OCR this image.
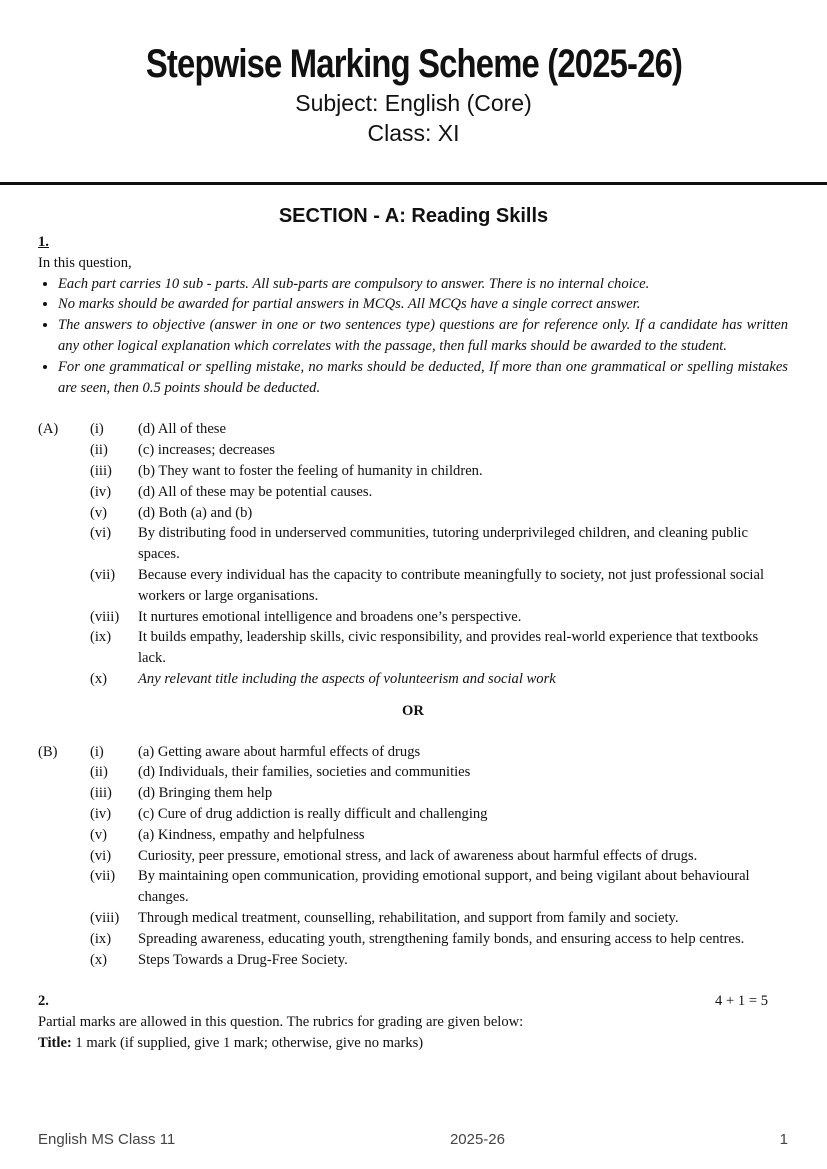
Stepwise Marking Scheme (2025-26)
Subject: English (Core)
Class: XI
SECTION - A: Reading Skills
1.
In this question,
• Each part carries 10 sub - parts. All sub-parts are compulsory to answer. There is no internal choice.
• No marks should be awarded for partial answers in MCQs. All MCQs have a single correct answer.
• The answers to objective (answer in one or two sentences type) questions are for reference only. If a candidate has written any other logical explanation which correlates with the passage, then full marks should be awarded to the student.
• For one grammatical or spelling mistake, no marks should be deducted, If more than one grammatical or spelling mistakes are seen, then 0.5 points should be deducted.
(A)	(i)	(d) All of these
(ii)	(c) increases; decreases
(iii)	(b) They want to foster the feeling of humanity in children.
(iv)	(d) All of these may be potential causes.
(v)	(d) Both (a) and (b)
(vi)	By distributing food in underserved communities, tutoring underprivileged children, and cleaning public spaces.
(vii)	Because every individual has the capacity to contribute meaningfully to society, not just professional social workers or large organisations.
(viii)	It nurtures emotional intelligence and broadens one’s perspective.
(ix)	It builds empathy, leadership skills, civic responsibility, and provides real-world experience that textbooks lack.
(x)	Any relevant title including the aspects of volunteerism and social work
OR
(B)	(i)	(a) Getting aware about harmful effects of drugs
(ii)	(d) Individuals, their families, societies and communities
(iii)	(d) Bringing them help
(iv)	(c) Cure of drug addiction is really difficult and challenging
(v)	(a) Kindness, empathy and helpfulness
(vi)	Curiosity, peer pressure, emotional stress, and lack of awareness about harmful effects of drugs.
(vii)	By maintaining open communication, providing emotional support, and being vigilant about behavioural changes.
(viii)	Through medical treatment, counselling, rehabilitation, and support from family and society.
(ix)	Spreading awareness, educating youth, strengthening family bonds, and ensuring access to help centres.
(x)	Steps Towards a Drug-Free Society.
2.	4 + 1 = 5
Partial marks are allowed in this question. The rubrics for grading are given below:
Title: 1 mark (if supplied, give 1 mark; otherwise, give no marks)
English MS Class 11	2025-26	1
